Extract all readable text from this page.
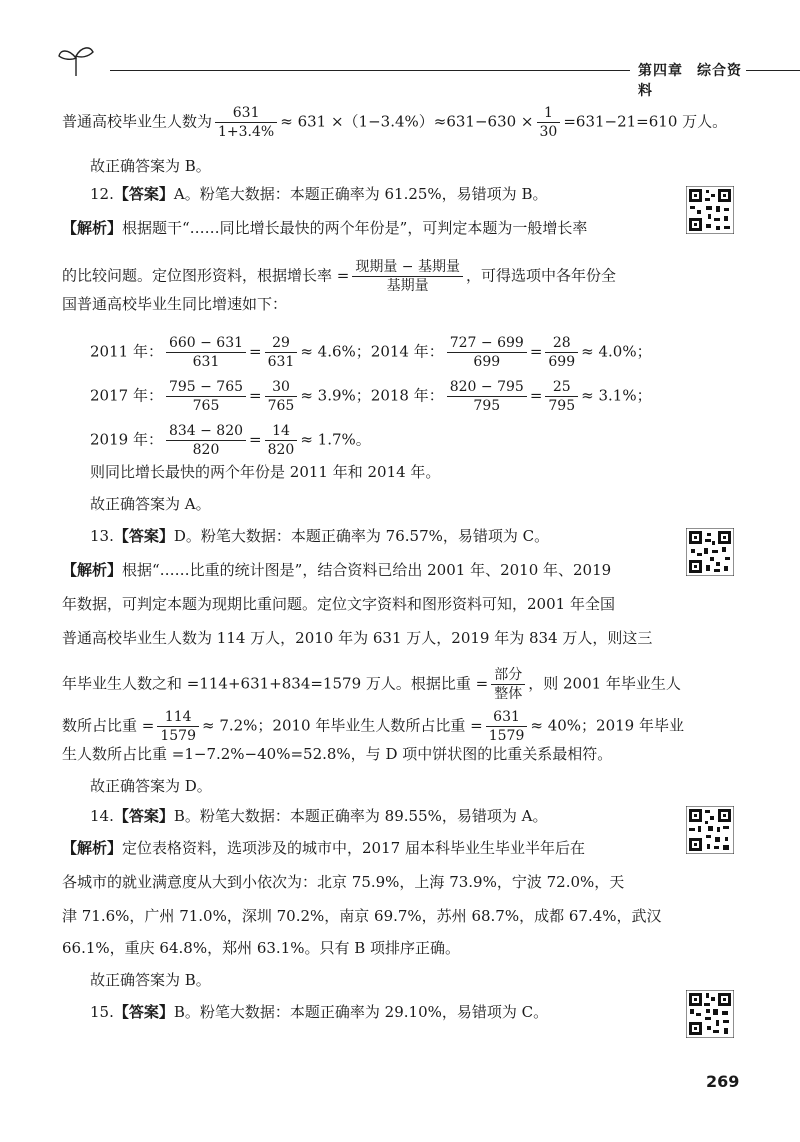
第四章 综合资料
普通高校毕业生人数为 $\frac{631}{1+3.4\%} \approx 631 \times(1-3.4\%)\approx 631-630 \times \frac{1}{30} =631-21=610$ 万人。
故正确答案为 B。
12.【答案】A。粉笔大数据：本题正确率为 61.25%，易错项为 B。
【解析】根据题干“……同比增长最快的两个年份是”，可判定本题为一般增长率
的比较问题。定位图形资料，根据增长率 = $\frac{\text{现期量 − 基期量}}{\text{基期量}}$ ，可得选项中各年份全
国普通高校毕业生同比增速如下：
2011 年： $\frac{660 - 631}{631} = \frac{29}{631} \approx 4.6\%$；2014 年： $\frac{727 - 699}{699} = \frac{28}{699} \approx 4.0\%$；
2017 年： $\frac{795 - 765}{765} = \frac{30}{765} \approx 3.9\%$；2018 年： $\frac{820 - 795}{795} = \frac{25}{795} \approx 3.1\%$；
2019 年： $\frac{834 - 820}{820} = \frac{14}{820} \approx 1.7\%$。
则同比增长最快的两个年份是 2011 年和 2014 年。
故正确答案为 A。
13.【答案】D。粉笔大数据：本题正确率为 76.57%，易错项为 C。
【解析】根据“……比重的统计图是”，结合资料已给出 2001 年、2010 年、2019
年数据，可判定本题为现期比重问题。定位文字资料和图形资料可知，2001 年全国
普通高校毕业生人数为 114 万人，2010 年为 631 万人，2019 年为 834 万人，则这三
年毕业生人数之和 =114+631+834=1579 万人。根据比重 = $\frac{\text{部分}}{\text{整体}}$ ，则 2001 年毕业生人
数所占比重 = $\frac{114}{1579} \approx 7.2\%$；2010 年毕业生人数所占比重 = $\frac{631}{1579} \approx 40\%$；2019 年毕业
生人数所占比重 =1−7.2%−40%=52.8%，与 D 项中饼状图的比重关系最相符。
故正确答案为 D。
14.【答案】B。粉笔大数据：本题正确率为 89.55%，易错项为 A。
【解析】定位表格资料，选项涉及的城市中，2017 届本科毕业生毕业半年后在
各城市的就业满意度从大到小依次为：北京 75.9%，上海 73.9%，宁波 72.0%，天
津 71.6%，广州 71.0%，深圳 70.2%，南京 69.7%，苏州 68.7%，成都 67.4%，武汉
66.1%，重庆 64.8%，郑州 63.1%。只有 B 项排序正确。
故正确答案为 B。
15.【答案】B。粉笔大数据：本题正确率为 29.10%，易错项为 C。
269
